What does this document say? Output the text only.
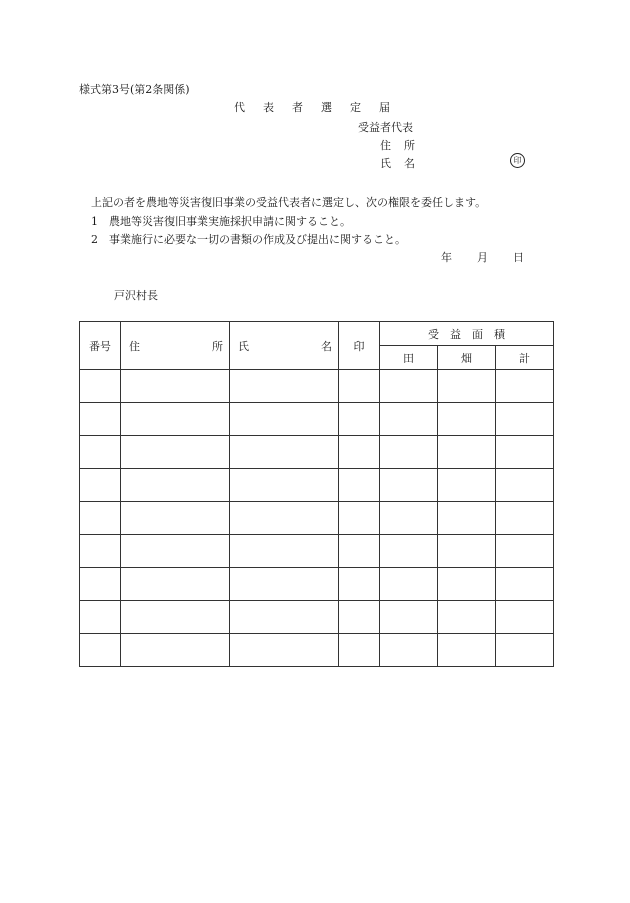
様式第3号(第2条関係)
代 表 者 選 定 届
受益者代表
住 所
氏 名	印
上記の者を農地等災害復旧事業の受益代表者に選定し、次の権限を委任します。
1 農地等災害復旧事業実施採択申請に関すること。
2 事業施行に必要な一切の書類の作成及び提出に関すること。
年 月 日
戸沢村長
番号	住 所	氏 名	印	受　益　面　積		
				田	畑	計
